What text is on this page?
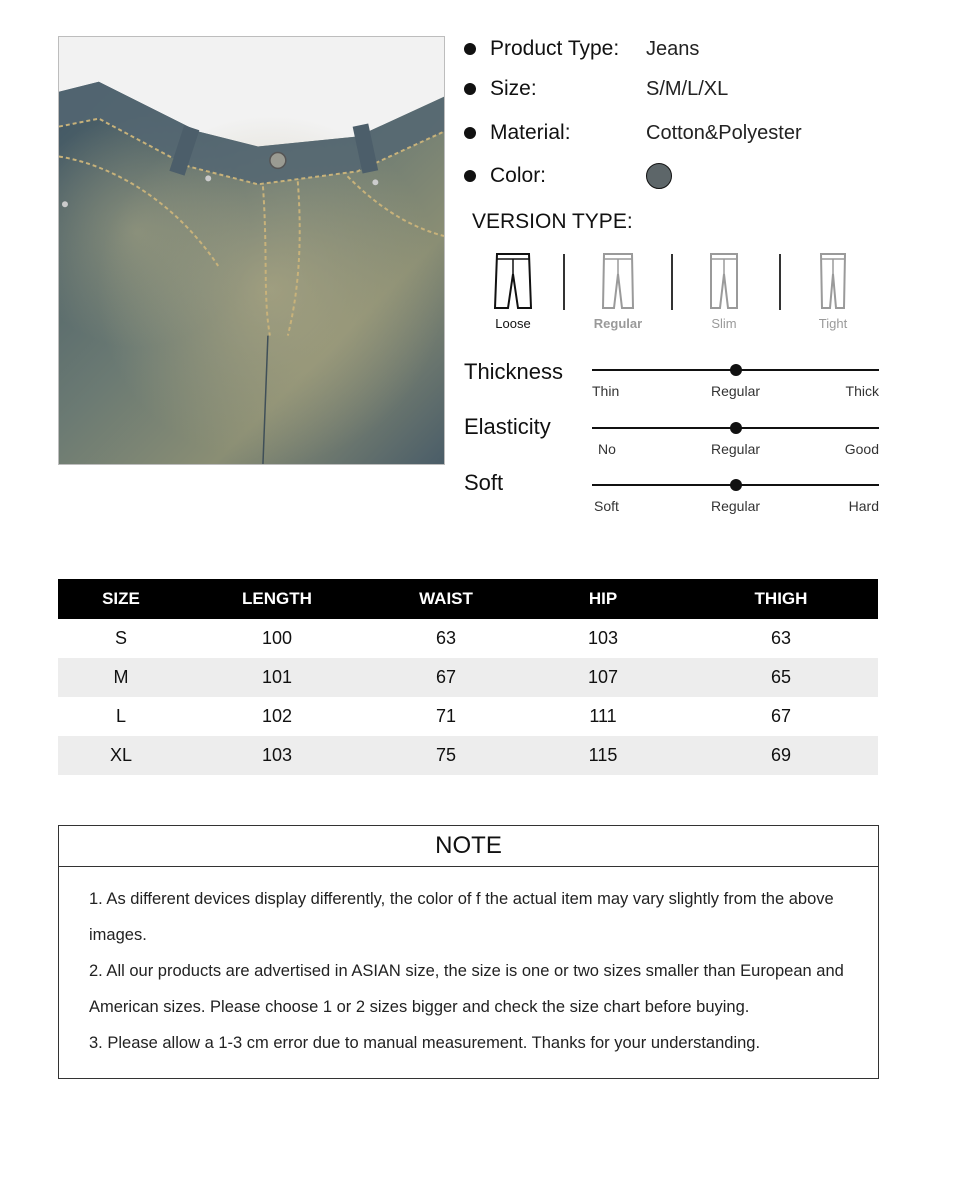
Product Type: Jeans
Size:	S/M/L/XL
Material:	Cotton&Polyester
Color:
VERSION TYPE:
Loose	Regular	Slim	Tight
Thickness
Thin	Regular	Thick
Elasticity
No	Regular	Good
Soft
Soft	Regular	Hard
SIZE	LENGTH	WAIST	HIP	THIGH
S	100	63	103	63
M	101	67	107	65
L	102	71	111	67
XL	103	75	115	69
NOTE

1. As different devices display differently, the color of f the actual item may vary slightly from the above images.

2. All our products are advertised in ASIAN size, the size is one or two sizes smaller than European and American sizes. Please choose 1 or 2 sizes bigger and check the size chart before buying.

3. Please allow a 1-3 cm error due to manual measurement. Thanks for your understanding.
